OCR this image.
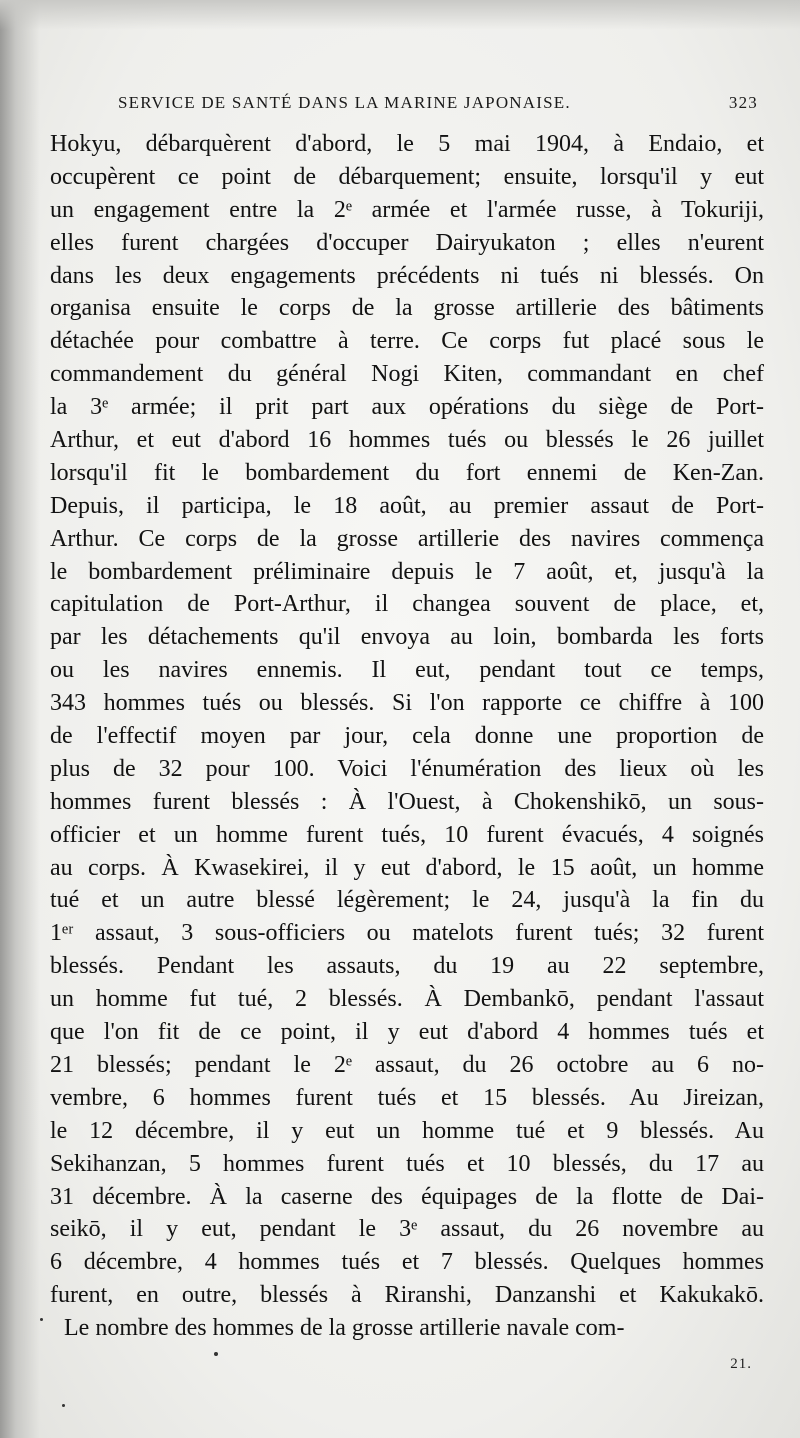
SERVICE DE SANTÉ DANS LA MARINE JAPONAISE.	323
Hokyu, débarquèrent d'abord, le 5 mai 1904, à Endaio, et
occupèrent ce point de débarquement; ensuite, lorsqu'il y eut
un engagement entre la 2ᵉ armée et l'armée russe, à Tokuriji,
elles furent chargées d'occuper Dairyukaton ; elles n'eurent
dans les deux engagements précédents ni tués ni blessés. On
organisa ensuite le corps de la grosse artillerie des bâtiments
détachée pour combattre à terre. Ce corps fut placé sous le
commandement du général Nogi Kiten, commandant en chef
la 3ᵉ armée; il prit part aux opérations du siège de Port-
Arthur, et eut d'abord 16 hommes tués ou blessés le 26 juillet
lorsqu'il fit le bombardement du fort ennemi de Ken-Zan.
Depuis, il participa, le 18 août, au premier assaut de Port-
Arthur. Ce corps de la grosse artillerie des navires commença
le bombardement préliminaire depuis le 7 août, et, jusqu'à la
capitulation de Port-Arthur, il changea souvent de place, et,
par les détachements qu'il envoya au loin, bombarda les forts
ou les navires ennemis. Il eut, pendant tout ce temps,
343 hommes tués ou blessés. Si l'on rapporte ce chiffre à 100
de l'effectif moyen par jour, cela donne une proportion de
plus de 32 pour 100. Voici l'énumération des lieux où les
hommes furent blessés : À l'Ouest, à Chokenshikō, un sous-
officier et un homme furent tués, 10 furent évacués, 4 soignés
au corps. À Kwasekirei, il y eut d'abord, le 15 août, un homme
tué et un autre blessé légèrement; le 24, jusqu'à la fin du
1ᵉʳ assaut, 3 sous-officiers ou matelots furent tués; 32 furent
blessés. Pendant les assauts, du 19 au 22 septembre,
un homme fut tué, 2 blessés. À Dembankō, pendant l'assaut
que l'on fit de ce point, il y eut d'abord 4 hommes tués et
21 blessés; pendant le 2ᵉ assaut, du 26 octobre au 6 no-
vembre, 6 hommes furent tués et 15 blessés. Au Jireizan,
le 12 décembre, il y eut un homme tué et 9 blessés. Au
Sekihanzan, 5 hommes furent tués et 10 blessés, du 17 au
31 décembre. À la caserne des équipages de la flotte de Dai-
seikō, il y eut, pendant le 3ᵉ assaut, du 26 novembre au
6 décembre, 4 hommes tués et 7 blessés. Quelques hommes
furent, en outre, blessés à Riranshi, Danzanshi et Kakukakō.
Le nombre des hommes de la grosse artillerie navale com-
21.
